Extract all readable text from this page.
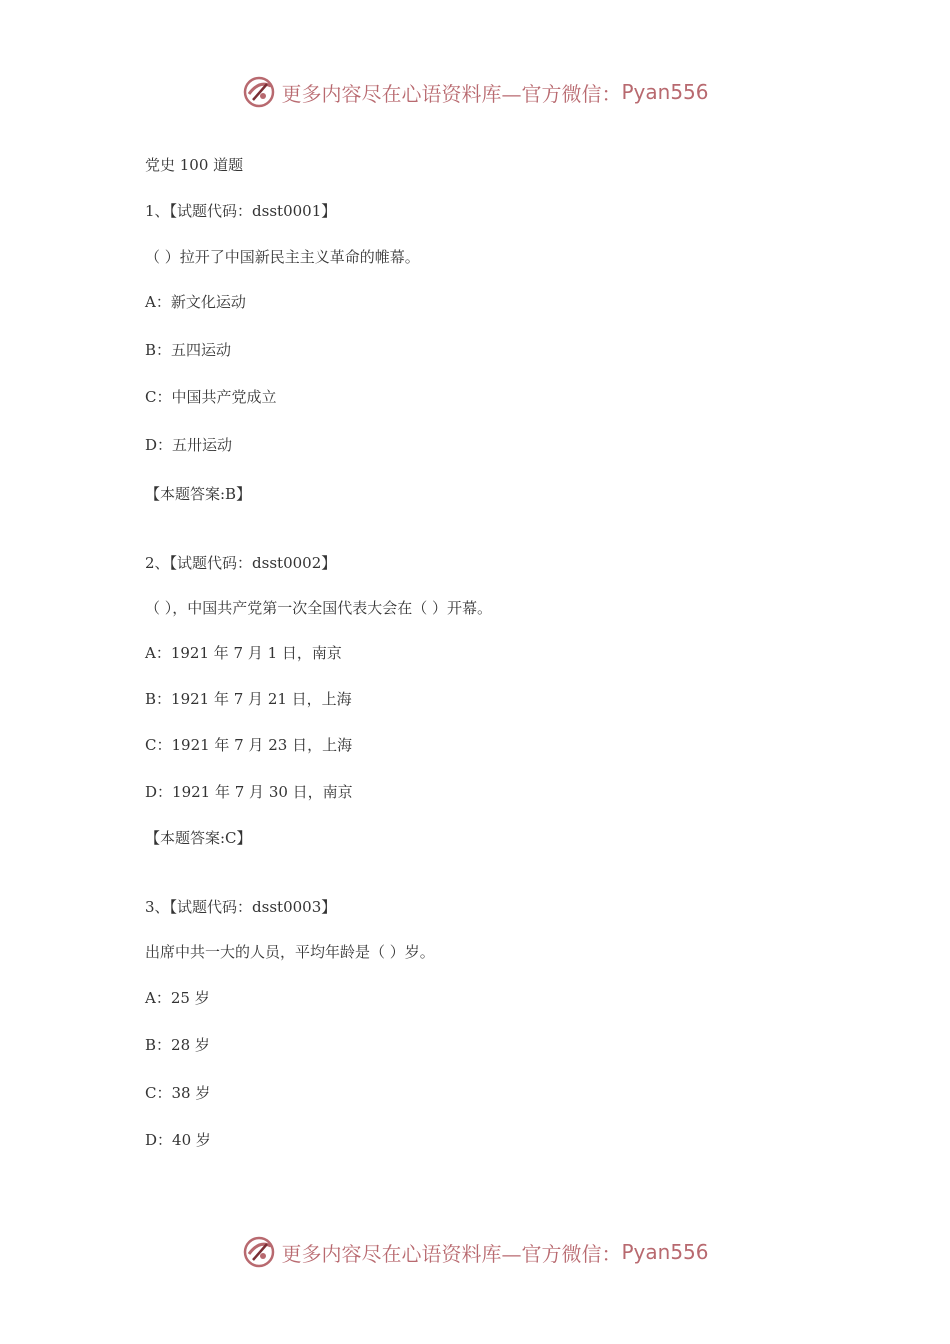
更多内容尽在心语资料库—官方微信： Pyan556
党史 100 道题
1、【试题代码：dsst0001】
（ ）拉开了中国新民主主义革命的帷幕。
A：新文化运动
B：五四运动
C：中国共产党成立
D：五卅运动
【本题答案:B】
2、【试题代码：dsst0002】
（ ），中国共产党第一次全国代表大会在（ ）开幕。
A：1921 年 7 月 1 日，南京
B：1921 年 7 月 21 日，上海
C：1921 年 7 月 23 日，上海
D：1921 年 7 月 30 日，南京
【本题答案:C】
3、【试题代码：dsst0003】
出席中共一大的人员，平均年龄是（ ）岁。
A：25 岁
B：28 岁
C：38 岁
D：40 岁
更多内容尽在心语资料库—官方微信： Pyan556
